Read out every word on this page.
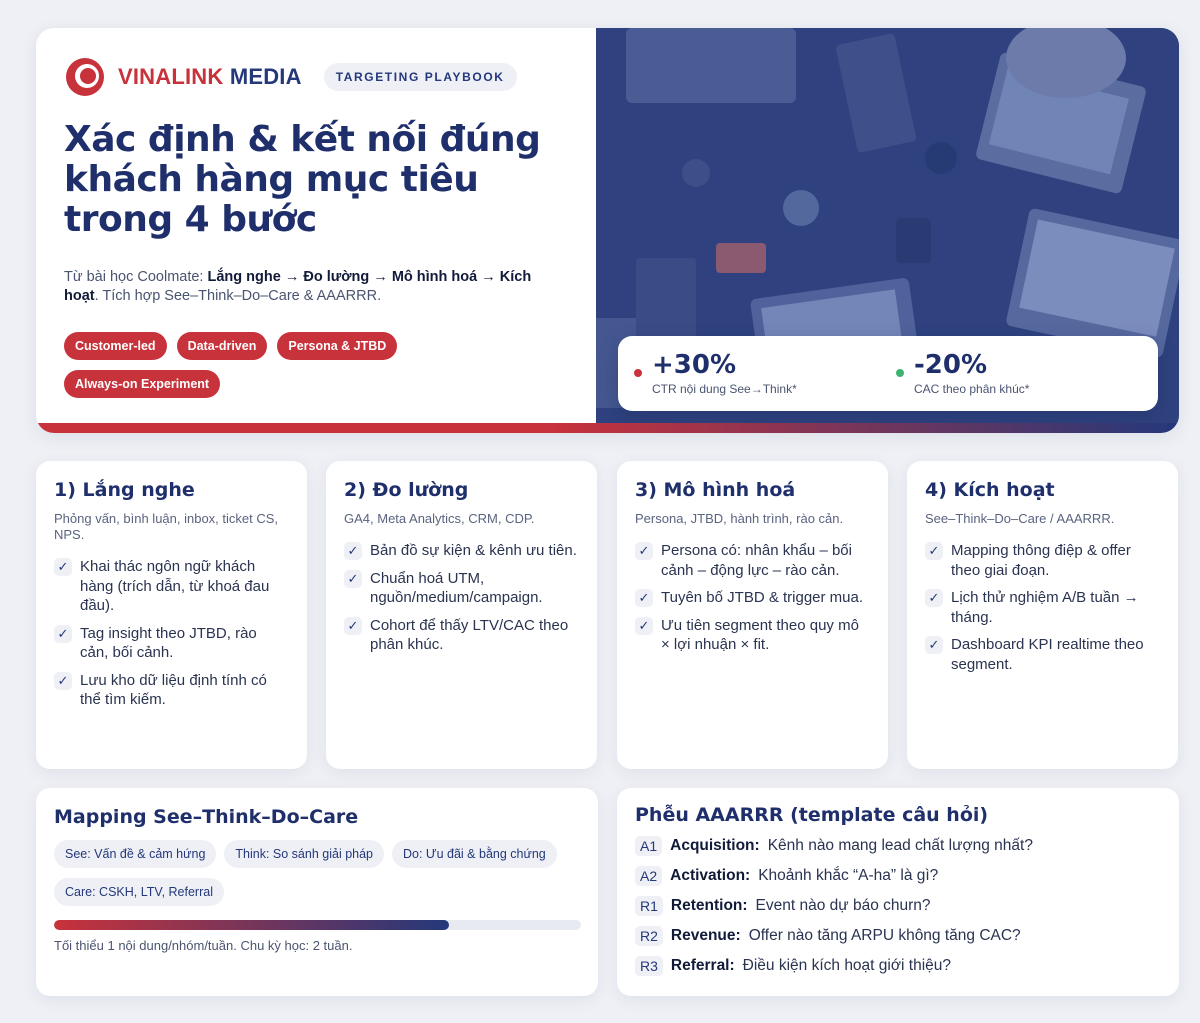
VINALINK MEDIA	TARGETING PLAYBOOK
Xác định & kết nối đúng
khách hàng mục tiêu
trong 4 bước
Từ bài học Coolmate: Lắng nghe → Đo lường → Mô hình hoá → Kích hoạt. Tích hợp See–Think–Do–Care & AAARRR.
Customer-led	Data-driven	Persona & JTBD
Always-on Experiment
+30%
CTR nội dung See→Think*
-20%
CAC theo phân khúc*
1) Lắng nghe
Phỏng vấn, bình luận, inbox, ticket CS, NPS.
✓ Khai thác ngôn ngữ khách hàng (trích dẫn, từ khoá đau đầu).
✓ Tag insight theo JTBD, rào cản, bối cảnh.
✓ Lưu kho dữ liệu định tính có thể tìm kiếm.
2) Đo lường
GA4, Meta Analytics, CRM, CDP.
✓ Bản đồ sự kiện & kênh ưu tiên.
✓ Chuẩn hoá UTM, nguồn/medium/campaign.
✓ Cohort để thấy LTV/CAC theo phân khúc.
3) Mô hình hoá
Persona, JTBD, hành trình, rào cản.
✓ Persona có: nhân khẩu – bối cảnh – động lực – rào cản.
✓ Tuyên bố JTBD & trigger mua.
✓ Ưu tiên segment theo quy mô × lợi nhuận × fit.
4) Kích hoạt
See–Think–Do–Care / AAARRR.
✓ Mapping thông điệp & offer theo giai đoạn.
✓ Lịch thử nghiệm A/B tuần → tháng.
✓ Dashboard KPI realtime theo segment.
Mapping See–Think–Do–Care
See: Vấn đề & cảm hứng	Think: So sánh giải pháp	Do: Ưu đãi & bằng chứng
Care: CSKH, LTV, Referral
Tối thiểu 1 nội dung/nhóm/tuần. Chu kỳ học: 2 tuần.
Phễu AAARRR (template câu hỏi)
A1 Acquisition: Kênh nào mang lead chất lượng nhất?
A2 Activation: Khoảnh khắc “A-ha” là gì?
R1 Retention: Event nào dự báo churn?
R2 Revenue: Offer nào tăng ARPU không tăng CAC?
R3 Referral: Điều kiện kích hoạt giới thiệu?
